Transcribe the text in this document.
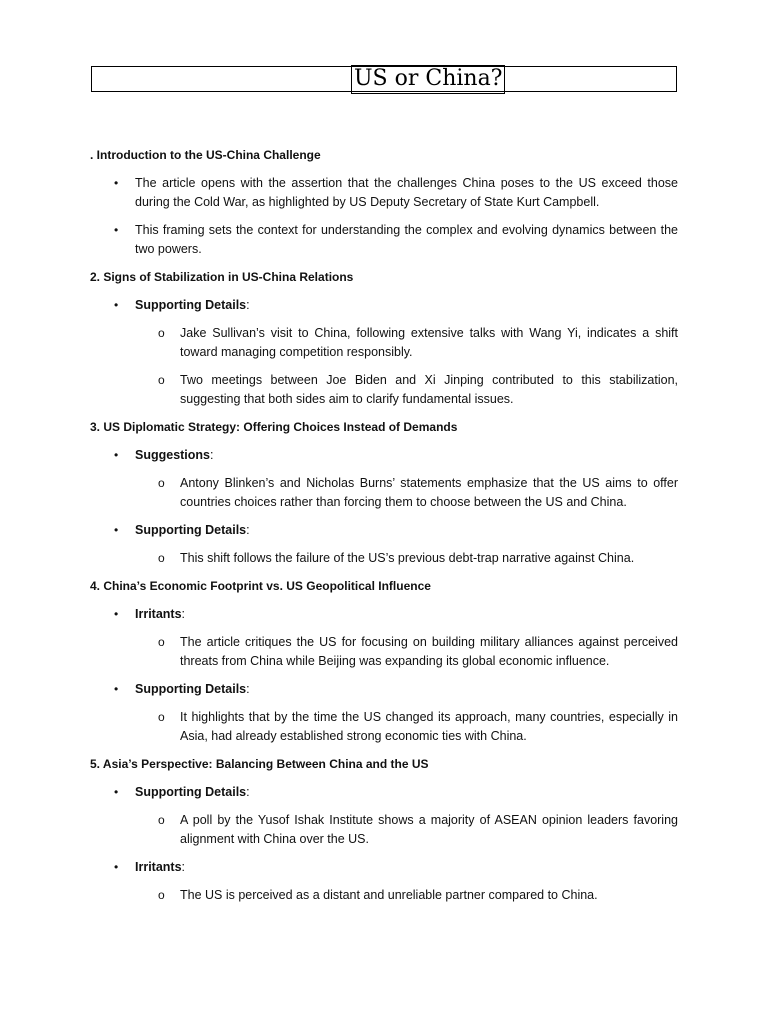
US or China?
. Introduction to the US-China Challenge
• The article opens with the assertion that the challenges China poses to the US exceed those during the Cold War, as highlighted by US Deputy Secretary of State Kurt Campbell.
• This framing sets the context for understanding the complex and evolving dynamics between the two powers.
2. Signs of Stabilization in US-China Relations
• Supporting Details:
o Jake Sullivan’s visit to China, following extensive talks with Wang Yi, indicates a shift toward managing competition responsibly.
o Two meetings between Joe Biden and Xi Jinping contributed to this stabilization, suggesting that both sides aim to clarify fundamental issues.
3. US Diplomatic Strategy: Offering Choices Instead of Demands
• Suggestions:
o Antony Blinken’s and Nicholas Burns’ statements emphasize that the US aims to offer countries choices rather than forcing them to choose between the US and China.
• Supporting Details:
o This shift follows the failure of the US’s previous debt-trap narrative against China.
4. China’s Economic Footprint vs. US Geopolitical Influence
• Irritants:
o The article critiques the US for focusing on building military alliances against perceived threats from China while Beijing was expanding its global economic influence.
• Supporting Details:
o It highlights that by the time the US changed its approach, many countries, especially in Asia, had already established strong economic ties with China.
5. Asia’s Perspective: Balancing Between China and the US
• Supporting Details:
o A poll by the Yusof Ishak Institute shows a majority of ASEAN opinion leaders favoring alignment with China over the US.
• Irritants:
o The US is perceived as a distant and unreliable partner compared to China.
